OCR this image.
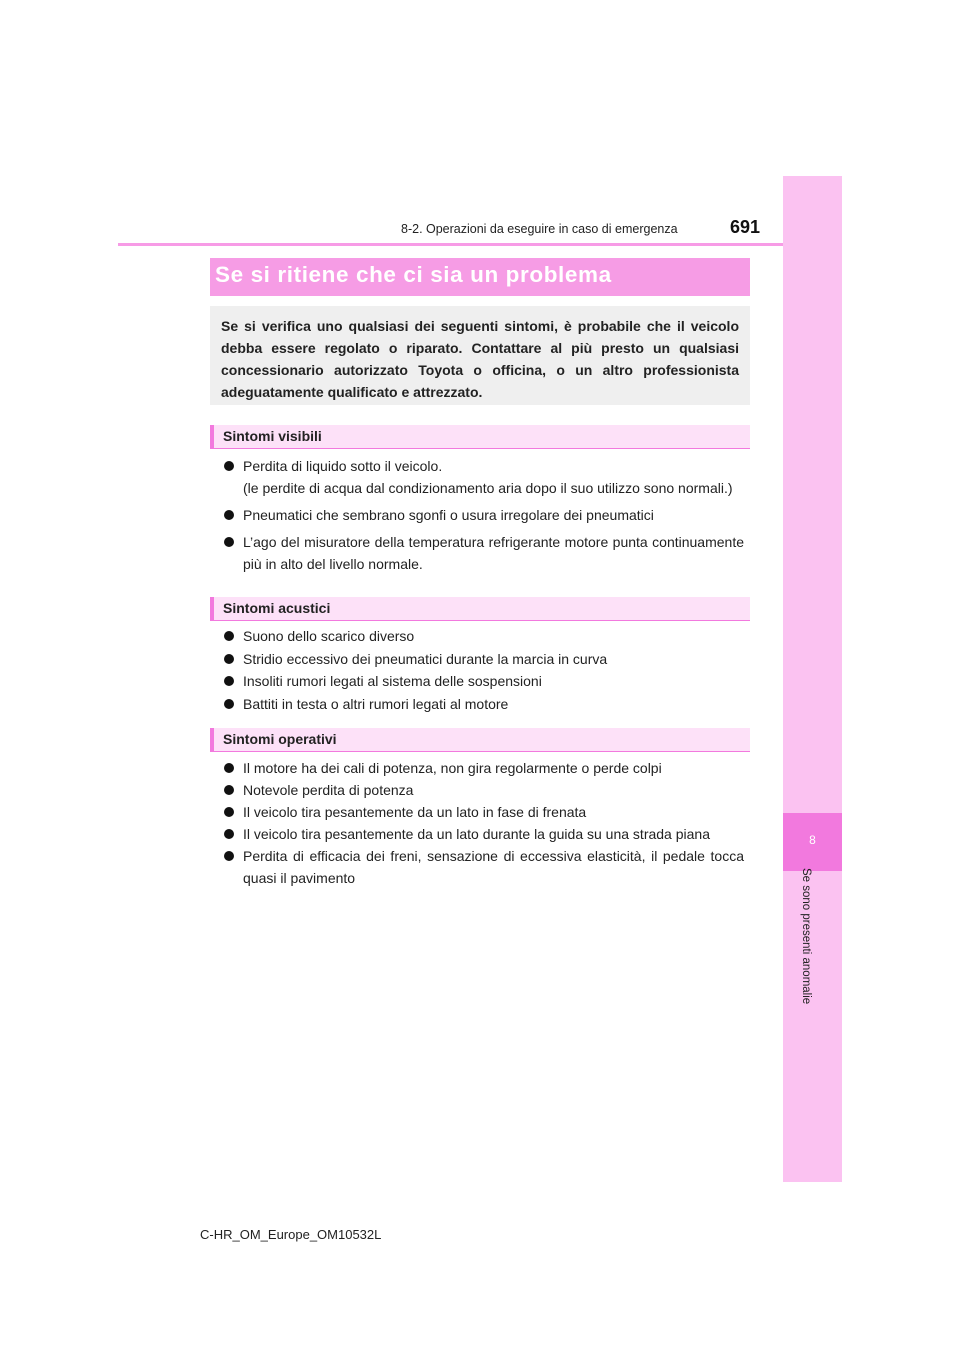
8
Se sono presenti anomalie
8-2. Operazioni da eseguire in caso di emergenza	691
Se si ritiene che ci sia un problema

Se si verifica uno qualsiasi dei seguenti sintomi, è probabile che il veicolo debba essere regolato o riparato. Contattare al più presto un qualsiasi concessionario autorizzato Toyota o officina, o un altro professionista adeguatamente qualificato e attrezzato.

Sintomi visibili
Perdita di liquido sotto il veicolo.
(le perdite di acqua dal condizionamento aria dopo il suo utilizzo sono normali.)
Pneumatici che sembrano sgonfi o usura irregolare dei pneumatici
L’ago del misuratore della temperatura refrigerante motore punta continuamente più in alto del livello normale.
Sintomi acustici
Suono dello scarico diverso
Stridio eccessivo dei pneumatici durante la marcia in curva
Insoliti rumori legati al sistema delle sospensioni
Battiti in testa o altri rumori legati al motore
Sintomi operativi
Il motore ha dei cali di potenza, non gira regolarmente o perde colpi
Notevole perdita di potenza
Il veicolo tira pesantemente da un lato in fase di frenata
Il veicolo tira pesantemente da un lato durante la guida su una strada piana
Perdita di efficacia dei freni, sensazione di eccessiva elasticità, il pedale tocca quasi il pavimento
C-HR_OM_Europe_OM10532L
